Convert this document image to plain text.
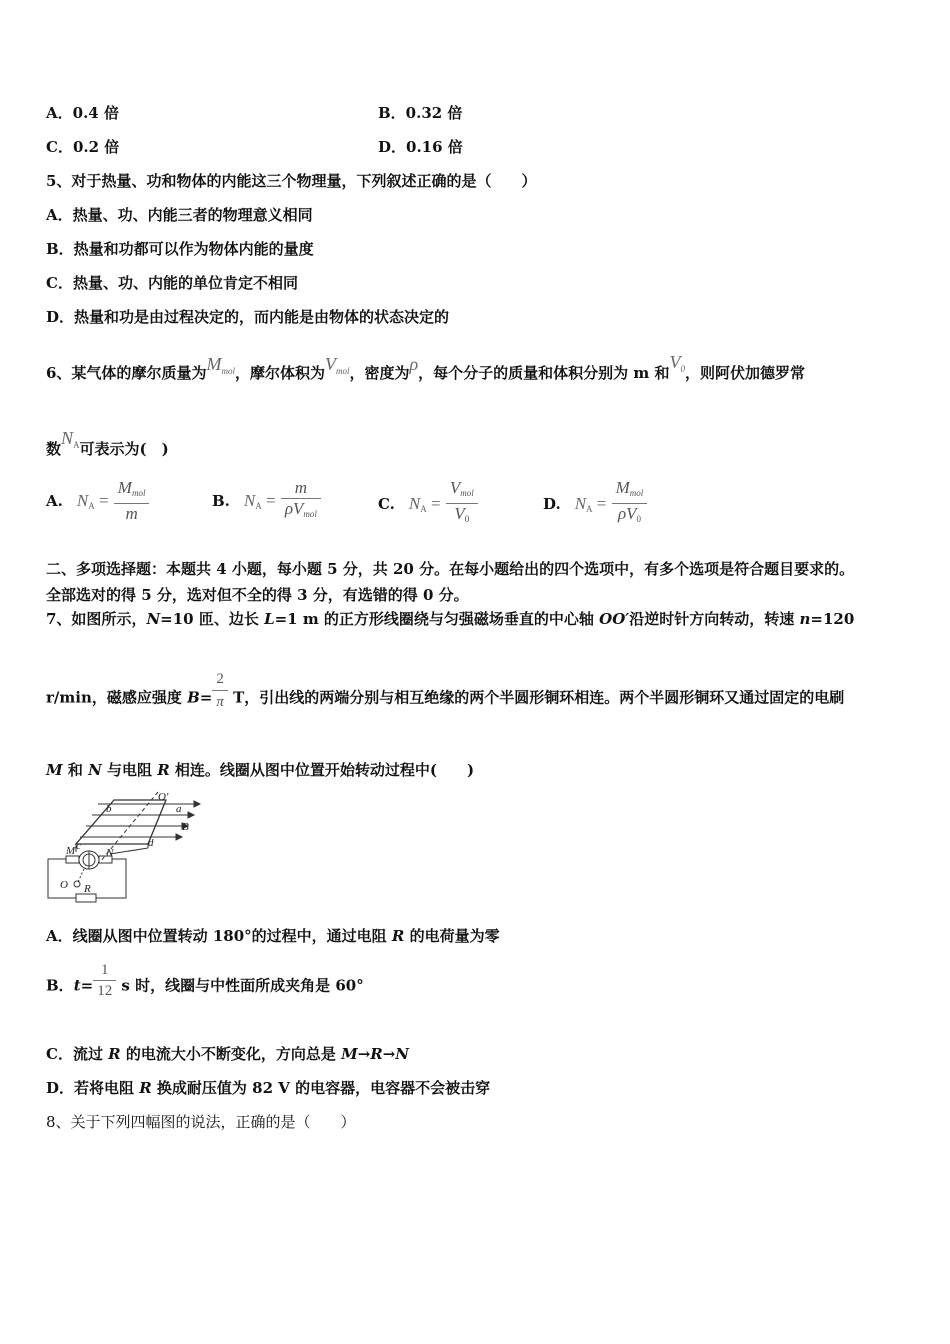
A．0.4 倍	B．0.32 倍
C．0.2 倍	D．0.16 倍
5、对于热量、功和物体的内能这三个物理量，下列叙述正确的是（　　）
A．热量、功、内能三者的物理意义相同
B．热量和功都可以作为物体内能的量度
C．热量、功、内能的单位肯定不相同
D．热量和功是由过程决定的，而内能是由物体的状态决定的
6、某气体的摩尔质量为$M^{mol}$，摩尔体积为$V^{mol}$，密度为ρ，每个分子的质量和体积分别为 m 和$V^0$，则阿伏加德罗常
数$N^A$可表示为(　)
A. $N_A = \frac{M_{mol}}{m}$	B. $N_A = \frac{m}{\rho V_{mol}}$	C. $N_A = \frac{V_{mol}}{V_0}$	D. $N_A = \frac{M_{mol}}{\rho V_0}$
二、多项选择题：本题共 4 小题，每小题 5 分，共 20 分。在每小题给出的四个选项中，有多个选项是符合题目要求的。
全部选对的得 5 分，选对但不全的得 3 分，有选错的得 0 分。
7、如图所示，N=10 匝、边长 L=1 m 的正方形线圈绕与匀强磁场垂直的中心轴 OO′沿逆时针方向转动，转速 n=120
r/min，磁感应强度 $B= \frac{2}{\pi}$ T，引出线的两端分别与相互绝缘的两个半圆形铜环相连。两个半圆形铜环又通过固定的电刷
M 和 N 与电阻 R 相连。线圈从图中位置开始转动过程中(　　)
O′
a
b
B
c	d
M	N
O R
A．线圈从图中位置转动 180°的过程中，通过电阻 R 的电荷量为零
B．$t= \frac{1}{12}$ s 时，线圈与中性面所成夹角是 60°
C．流过 R 的电流大小不断变化，方向总是 M→R→N
D．若将电阻 R 换成耐压值为 82 V 的电容器，电容器不会被击穿
8、关于下列四幅图的说法，正确的是（　　）
